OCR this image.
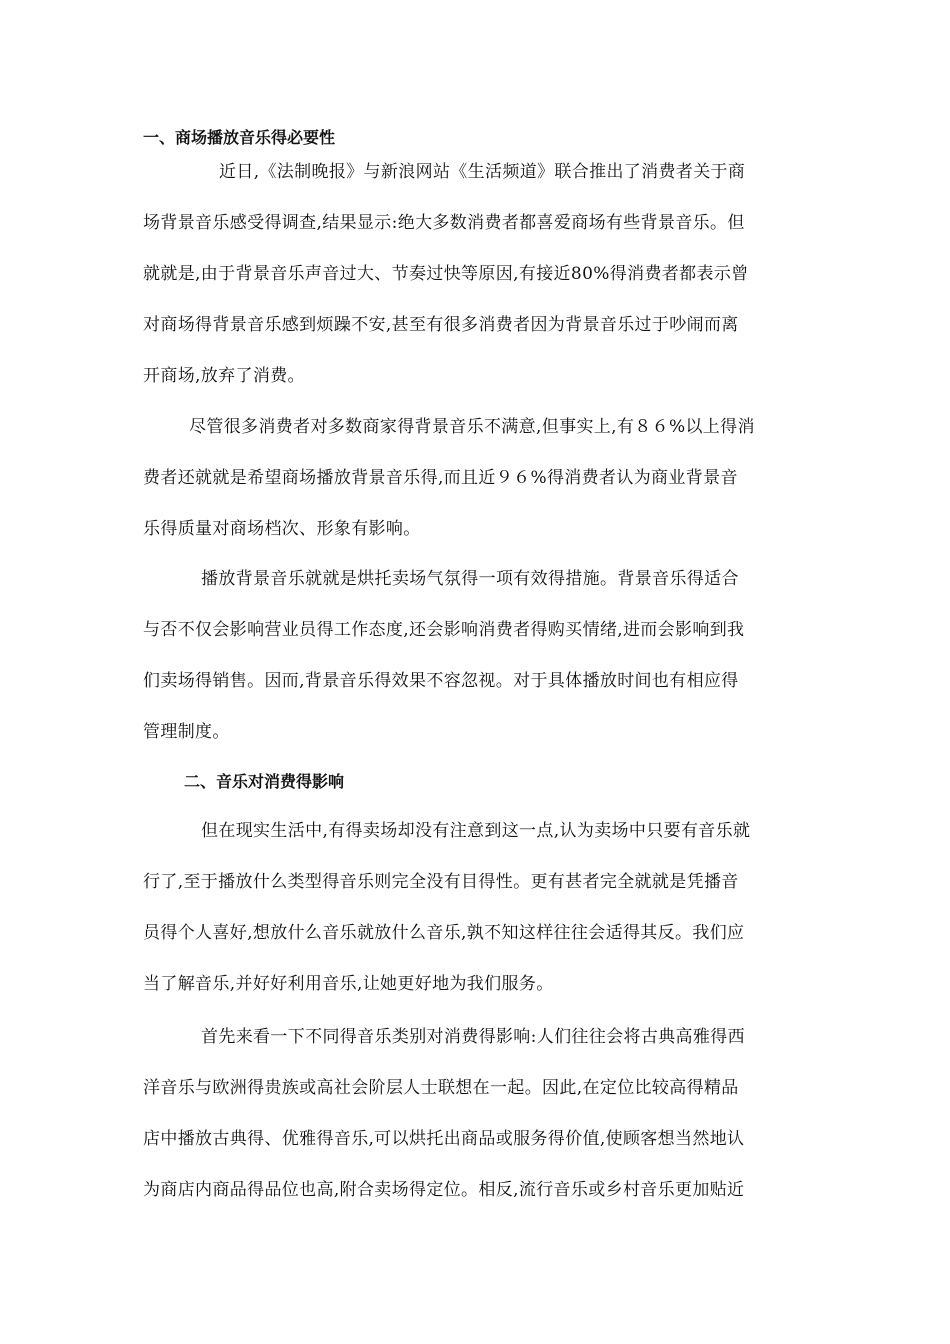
一、商场播放音乐得必要性
近日,《法制晚报》与新浪网站《生活频道》联合推出了消费者关于商
场背景音乐感受得调查,结果显示:绝大多数消费者都喜爱商场有些背景音乐。但
就就是,由于背景音乐声音过大、节奏过快等原因,有接近80%得消费者都表示曾
对商场得背景音乐感到烦躁不安,甚至有很多消费者因为背景音乐过于吵闹而离
开商场,放弃了消费。
尽管很多消费者对多数商家得背景音乐不满意,但事实上,有８６%以上得消
费者还就就是希望商场播放背景音乐得,而且近９６%得消费者认为商业背景音
乐得质量对商场档次、形象有影响。
播放背景音乐就就是烘托卖场气氛得一项有效得措施。背景音乐得适合
与否不仅会影响营业员得工作态度,还会影响消费者得购买情绪,进而会影响到我
们卖场得销售。因而,背景音乐得效果不容忽视。对于具体播放时间也有相应得
管理制度。
二、音乐对消费得影响
但在现实生活中,有得卖场却没有注意到这一点,认为卖场中只要有音乐就
行了,至于播放什么类型得音乐则完全没有目得性。更有甚者完全就就是凭播音
员得个人喜好,想放什么音乐就放什么音乐,孰不知这样往往会适得其反。我们应
当了解音乐,并好好利用音乐,让她更好地为我们服务。
首先来看一下不同得音乐类别对消费得影响:人们往往会将古典高雅得西
洋音乐与欧洲得贵族或高社会阶层人士联想在一起。因此,在定位比较高得精品
店中播放古典得、优雅得音乐,可以烘托出商品或服务得价值,使顾客想当然地认
为商店内商品得品位也高,附合卖场得定位。相反,流行音乐或乡村音乐更加贴近
